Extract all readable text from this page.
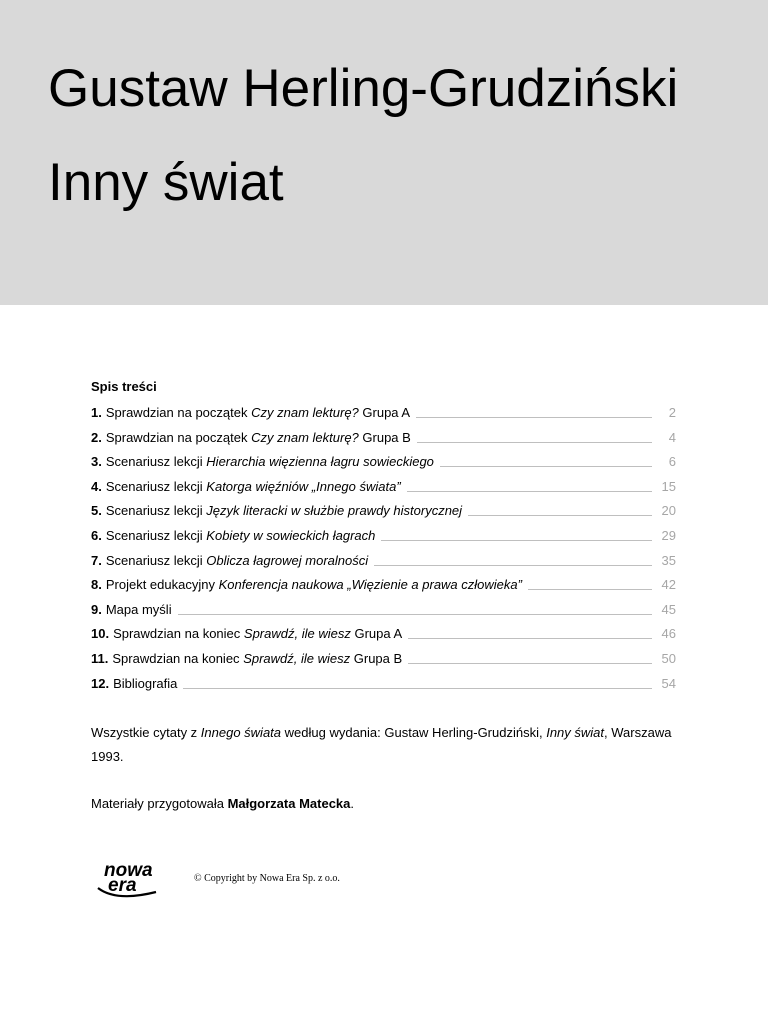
Gustaw Herling-Grudziński
Inny świat
Spis treści
1. Sprawdzian na początek
Czy znam lekturę?
Grupa A	2
2. Sprawdzian na początek
Czy znam lekturę?
Grupa B	4
3. Scenariusz lekcji
Hierarchia więzienna łagru sowieckiego	6
4. Scenariusz lekcji
Katorga więźniów „Innego świata”	15
5. Scenariusz lekcji
Język literacki w służbie prawdy historycznej	20
6. Scenariusz lekcji
Kobiety w sowieckich łagrach	29
7. Scenariusz lekcji
Oblicza łagrowej moralności	35
8. Projekt edukacyjny
Konferencja naukowa „Więzienie a prawa człowieka”	42
9. Mapa myśli	45
10. Sprawdzian na koniec
Sprawdź, ile wiesz
Grupa A	46
11. Sprawdzian na koniec
Sprawdź, ile wiesz
Grupa B	50
12. Bibliografia	54
Wszystkie cytaty z Innego świata według wydania: Gustaw Herling-Grudziński, Inny świat, Warszawa 1993.
Materiały przygotowała Małgorzata Matecka.
nowa
era	© Copyright by Nowa Era Sp. z o.o.
